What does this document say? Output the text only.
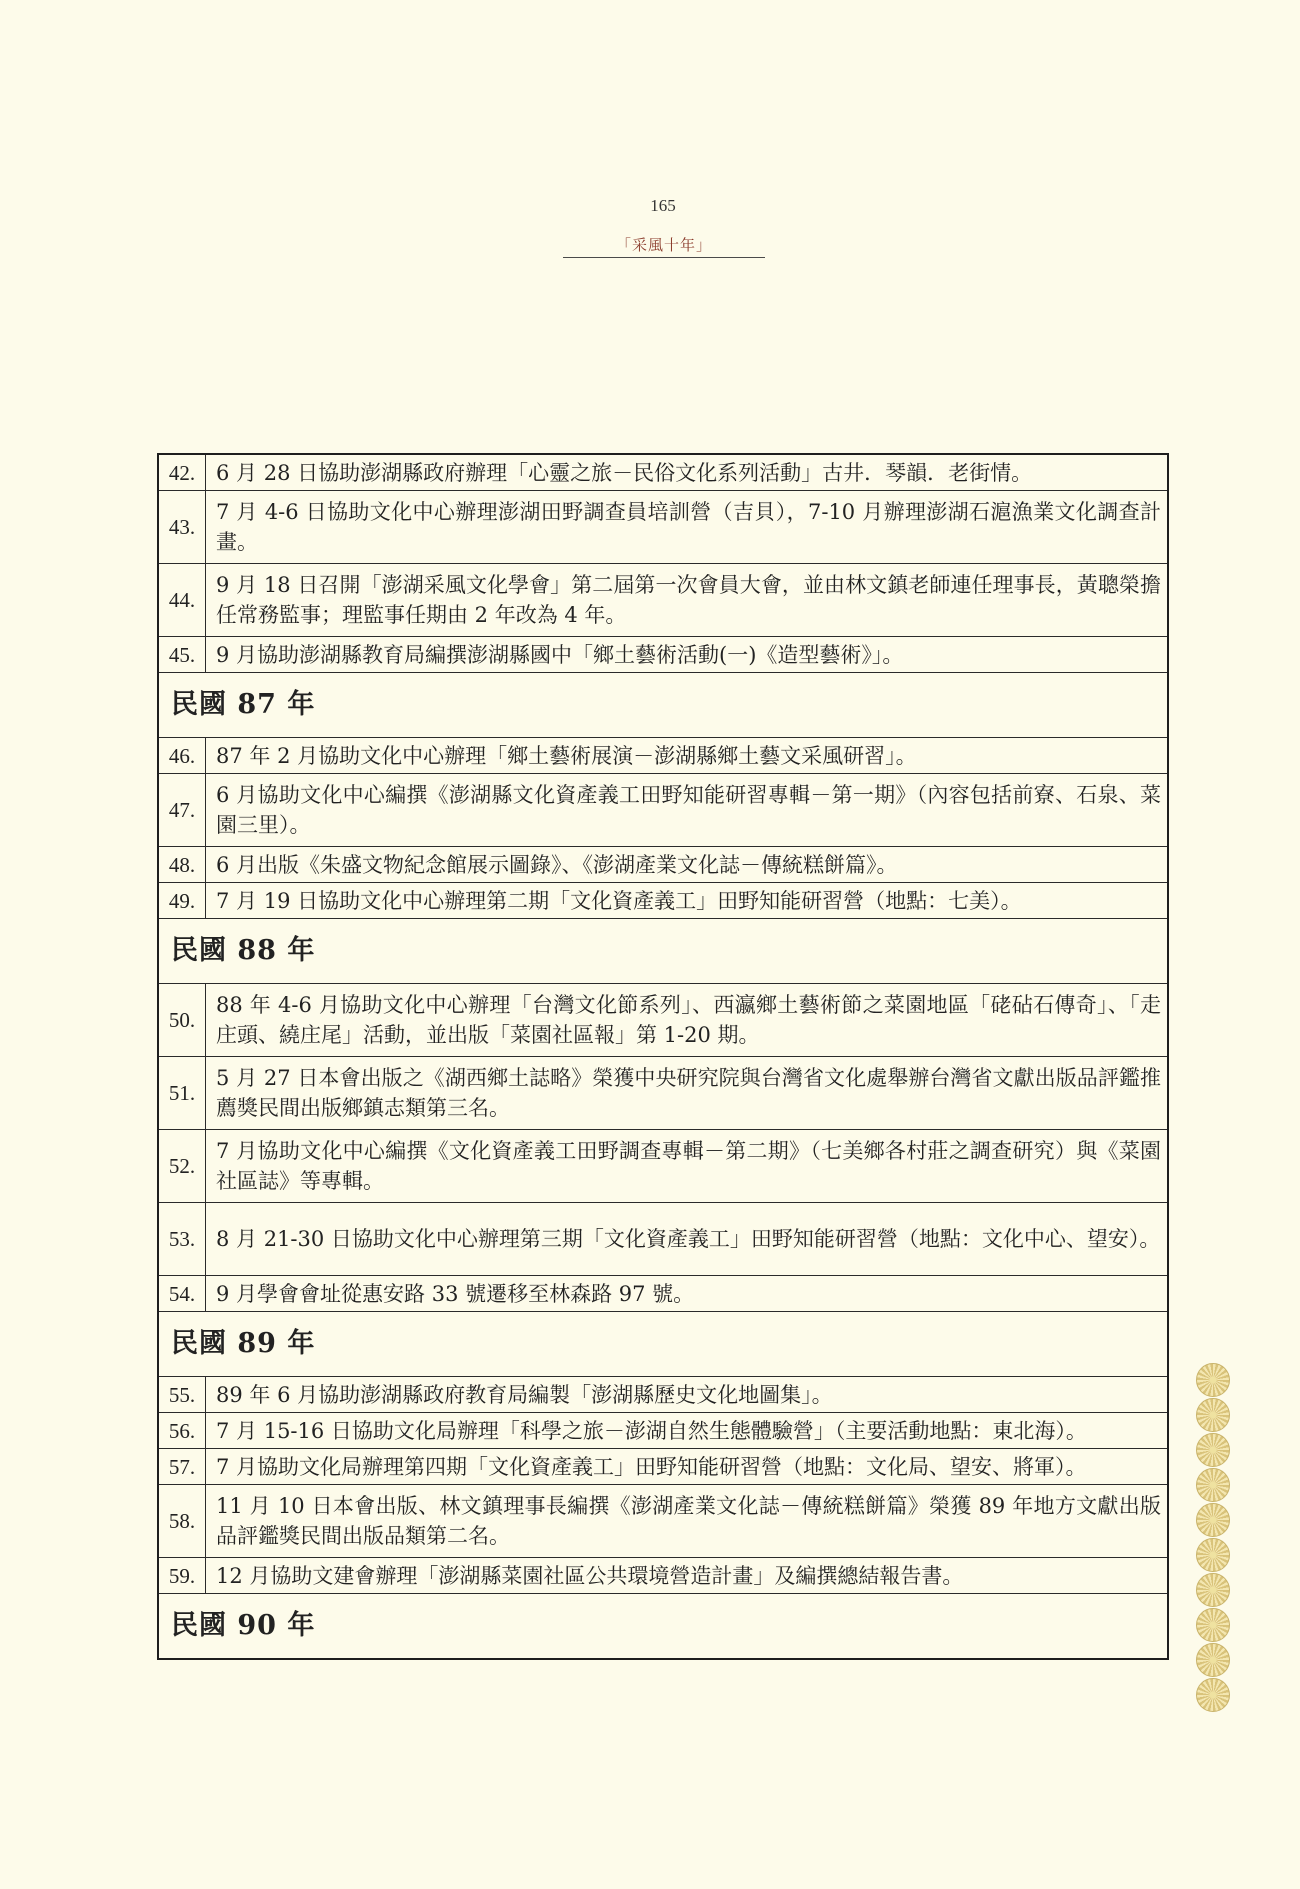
165
「采風十年」
42.	6 月 28 日協助澎湖縣政府辦理「心靈之旅－民俗文化系列活動」古井．琴韻．老街情。
43.	7 月 4-6 日協助文化中心辦理澎湖田野調查員培訓營（吉貝），7-10 月辦理澎湖石滬漁業文化調查計畫。
44.	9 月 18 日召開「澎湖采風文化學會」第二屆第一次會員大會，並由林文鎮老師連任理事長，黃聰榮擔任常務監事；理監事任期由 2 年改為 4 年。
45.	9 月協助澎湖縣教育局編撰澎湖縣國中「鄉土藝術活動(一)《造型藝術》」。
民國 87 年	
46.	87 年 2 月協助文化中心辦理「鄉土藝術展演－澎湖縣鄉土藝文采風研習」。
47.	6 月協助文化中心編撰《澎湖縣文化資產義工田野知能研習專輯－第一期》（內容包括前寮、石泉、菜園三里）。
48.	6 月出版《朱盛文物紀念館展示圖錄》、《澎湖產業文化誌－傳統糕餅篇》。
49.	7 月 19 日協助文化中心辦理第二期「文化資產義工」田野知能研習營（地點：七美）。
民國 88 年	
50.	88 年 4-6 月協助文化中心辦理「台灣文化節系列」、西瀛鄉土藝術節之菜園地區「硓砧石傳奇」、「走庄頭、繞庄尾」活動，並出版「菜園社區報」第 1-20 期。
51.	5 月 27 日本會出版之《湖西鄉土誌略》榮獲中央研究院與台灣省文化處舉辦台灣省文獻出版品評鑑推薦獎民間出版鄉鎮志類第三名。
52.	7 月協助文化中心編撰《文化資產義工田野調查專輯－第二期》（七美鄉各村莊之調查研究）與《菜園社區誌》等專輯。
53.	8 月 21-30 日協助文化中心辦理第三期「文化資產義工」田野知能研習營（地點：文化中心、望安）。
54.	9 月學會會址從惠安路 33 號遷移至林森路 97 號。
民國 89 年	
55.	89 年 6 月協助澎湖縣政府教育局編製「澎湖縣歷史文化地圖集」。
56.	7 月 15-16 日協助文化局辦理「科學之旅－澎湖自然生態體驗營」（主要活動地點：東北海）。
57.	7 月協助文化局辦理第四期「文化資產義工」田野知能研習營（地點：文化局、望安、將軍）。
58.	11 月 10 日本會出版、林文鎮理事長編撰《澎湖產業文化誌－傳統糕餅篇》榮獲 89 年地方文獻出版品評鑑獎民間出版品類第二名。
59.	12 月協助文建會辦理「澎湖縣菜園社區公共環境營造計畫」及編撰總結報告書。
民國 90 年	
